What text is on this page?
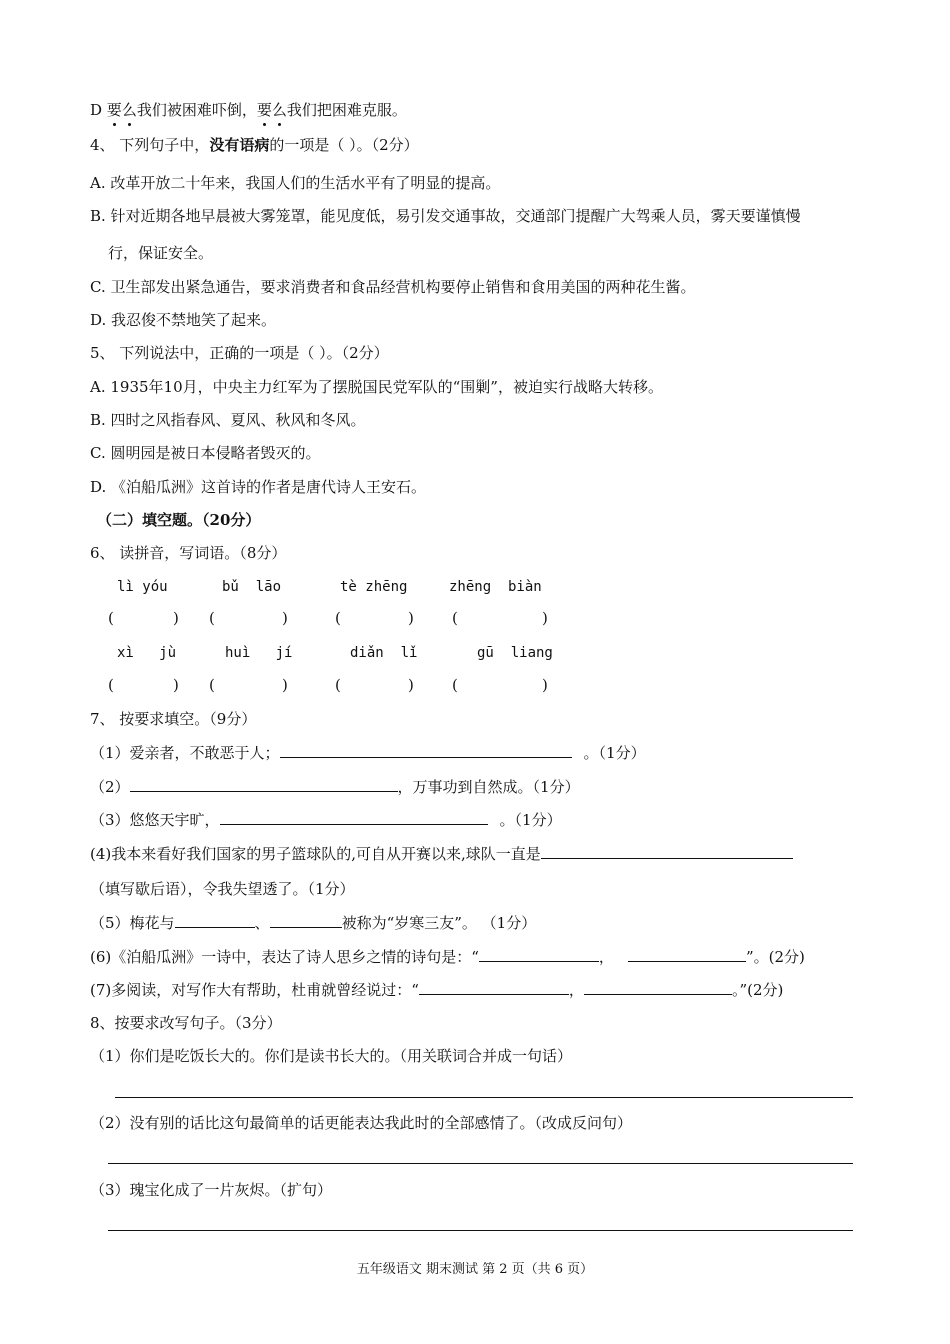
D 要么我们被困难吓倒，要么我们把困难克服。
4、 下列句子中，没有语病的一项是（ ）。（2分）
A. 改革开放二十年来，我国人们的生活水平有了明显的提高。
B. 针对近期各地早晨被大雾笼罩，能见度低，易引发交通事故，交通部门提醒广大驾乘人员，雾天要谨慎慢
行，保证安全。
C. 卫生部发出紧急通告，要求消费者和食品经营机构要停止销售和食用美国的两种花生酱。
D. 我忍俊不禁地笑了起来。
5、 下列说法中，正确的一项是（ ）。（2分）
A. 1935年10月，中央主力红军为了摆脱国民党军队的“围剿”，被迫实行战略大转移。
B. 四时之风指春风、夏风、秋风和冬风。
C. 圆明园是被日本侵略者毁灭的。
D. 《泊船瓜洲》这首诗的作者是唐代诗人王安石。
（二）填空题。（20分）
6、 读拼音，写词语。（8分）
lì yóu	bǔ  lāo	tè zhēng	zhēng  biàn
(	) (	)	(	)	(	)
xì   jù	huì   jí	diǎn  lǐ	gū  liang
(	) (	)	(	)	(	)
7、 按要求填空。（9分）
（1）爱亲者，不敢恶于人；	。（1分）
（2）	，万事功到自然成。（1分）
（3）悠悠天宇旷，	。（1分）
(4)我本来看好我们国家的男子篮球队的,可自从开赛以来,球队一直是
（填写歇后语），令我失望透了。（1分）
（5）梅花与	、	被称为“岁寒三友”。 （1分）
(6)《泊船瓜洲》一诗中，表达了诗人思乡之情的诗句是：“	，	”。(2分)
(7)多阅读，对写作大有帮助，杜甫就曾经说过：“	，	。”(2分)
8、按要求改写句子。（3分）
（1）你们是吃饭长大的。你们是读书长大的。（用关联词合并成一句话）
（2）没有别的话比这句最简单的话更能表达我此时的全部感情了。（改成反问句）
（3）瑰宝化成了一片灰烬。（扩句）
五年级语文 期末测试 第 2 页（共 6 页）
